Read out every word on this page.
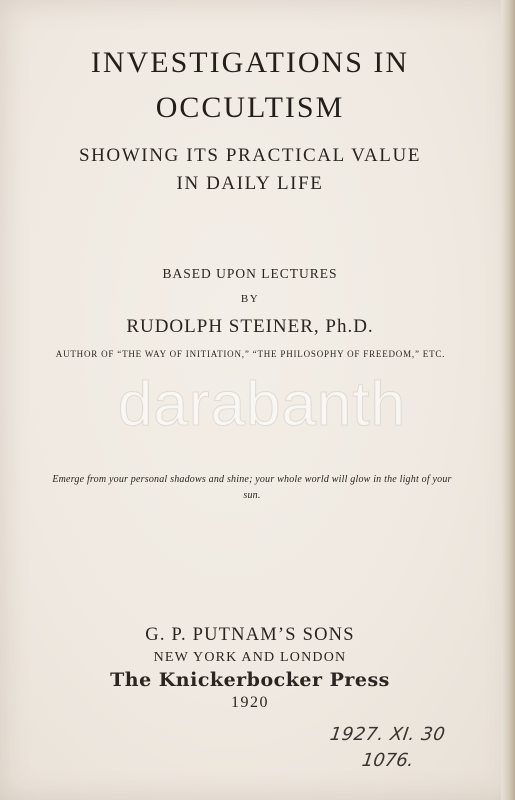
INVESTIGATIONS IN
OCCULTISM
SHOWING ITS PRACTICAL VALUE
IN DAILY LIFE
BASED UPON LECTURES
BY
RUDOLPH STEINER, Ph.D.
AUTHOR OF “THE WAY OF INITIATION,” “THE PHILOSOPHY OF FREEDOM,” ETC.
darabanth
Emerge from your personal shadows and shine; your whole world will glow in the light of your sun.
G. P. PUTNAM’S SONS
NEW YORK AND LONDON
The Knickerbocker Press
1920
1927. XI. 30
1076.
